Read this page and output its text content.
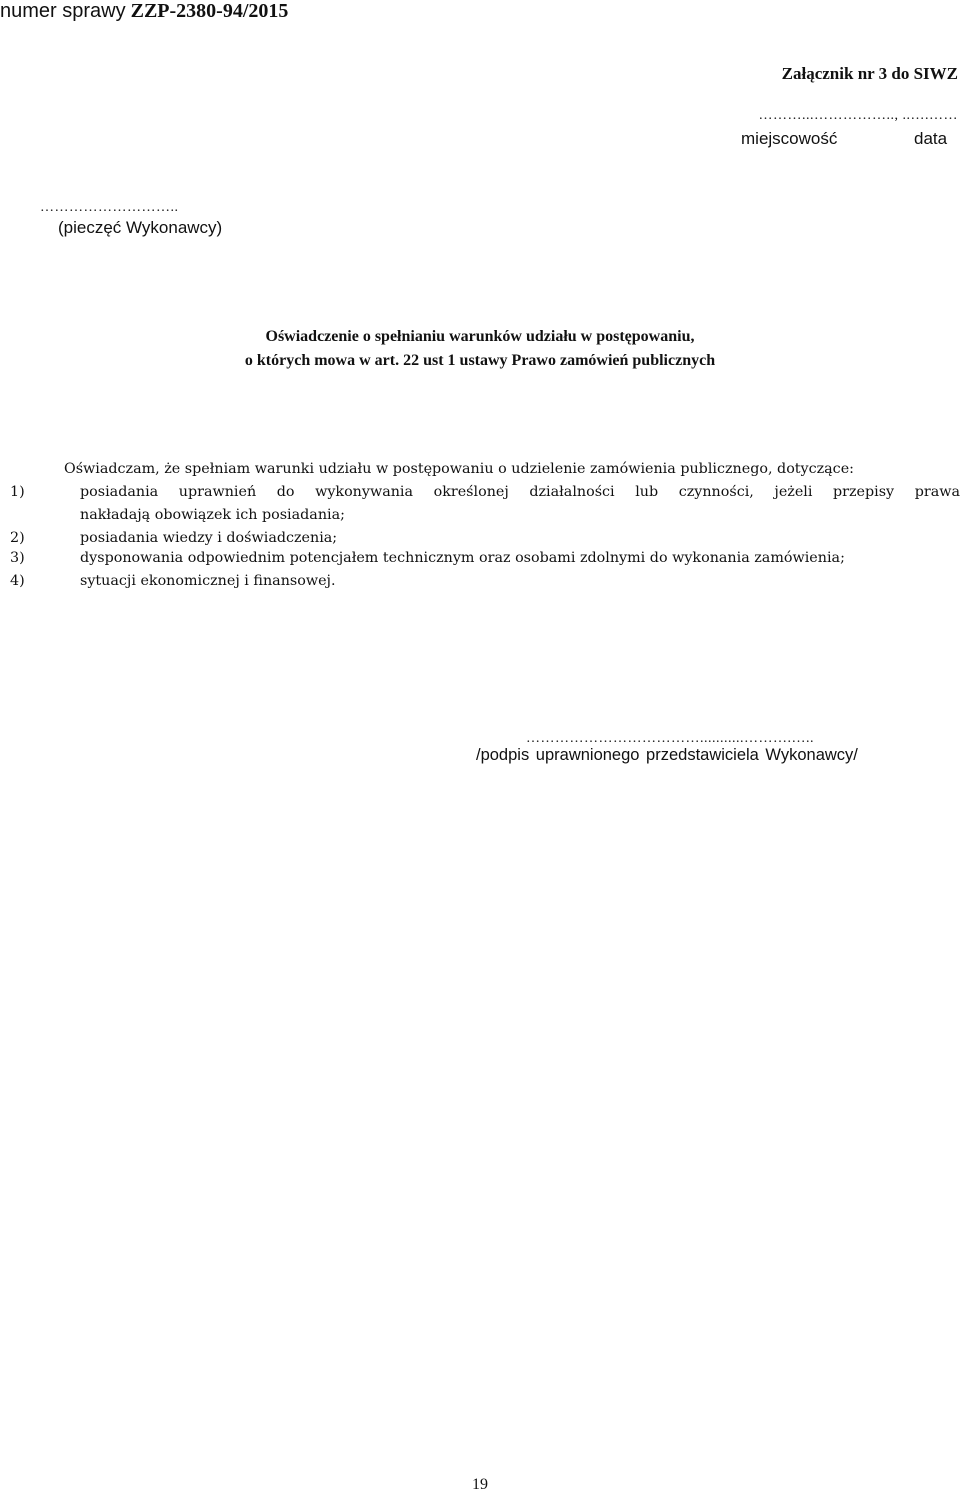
numer sprawy ZZP-2380-94/2015
Załącznik nr 3 do SIWZ
………...…………….., ..….……
miejscowość	data
………………………..
(pieczęć Wykonawcy)
Oświadczenie o spełnianiu warunków udziału w postępowaniu,
o których mowa w art. 22 ust 1 ustawy Prawo zamówień publicznych
Oświadczam, że spełniam warunki udziału w postępowaniu o udzielenie zamówienia publicznego, dotyczące:
1)	posiadania uprawnień do wykonywania określonej działalności lub czynności, jeżeli przepisy prawa
nakładają obowiązek ich posiadania;
2)	posiadania wiedzy i doświadczenia;
3)	dysponowania odpowiednim potencjałem technicznym oraz osobami zdolnymi do wykonania zamówienia;
4)	sytuacji ekonomicznej i finansowej.
………………………………...........……….…..
/podpis uprawnionego przedstawiciela Wykonawcy/
19
